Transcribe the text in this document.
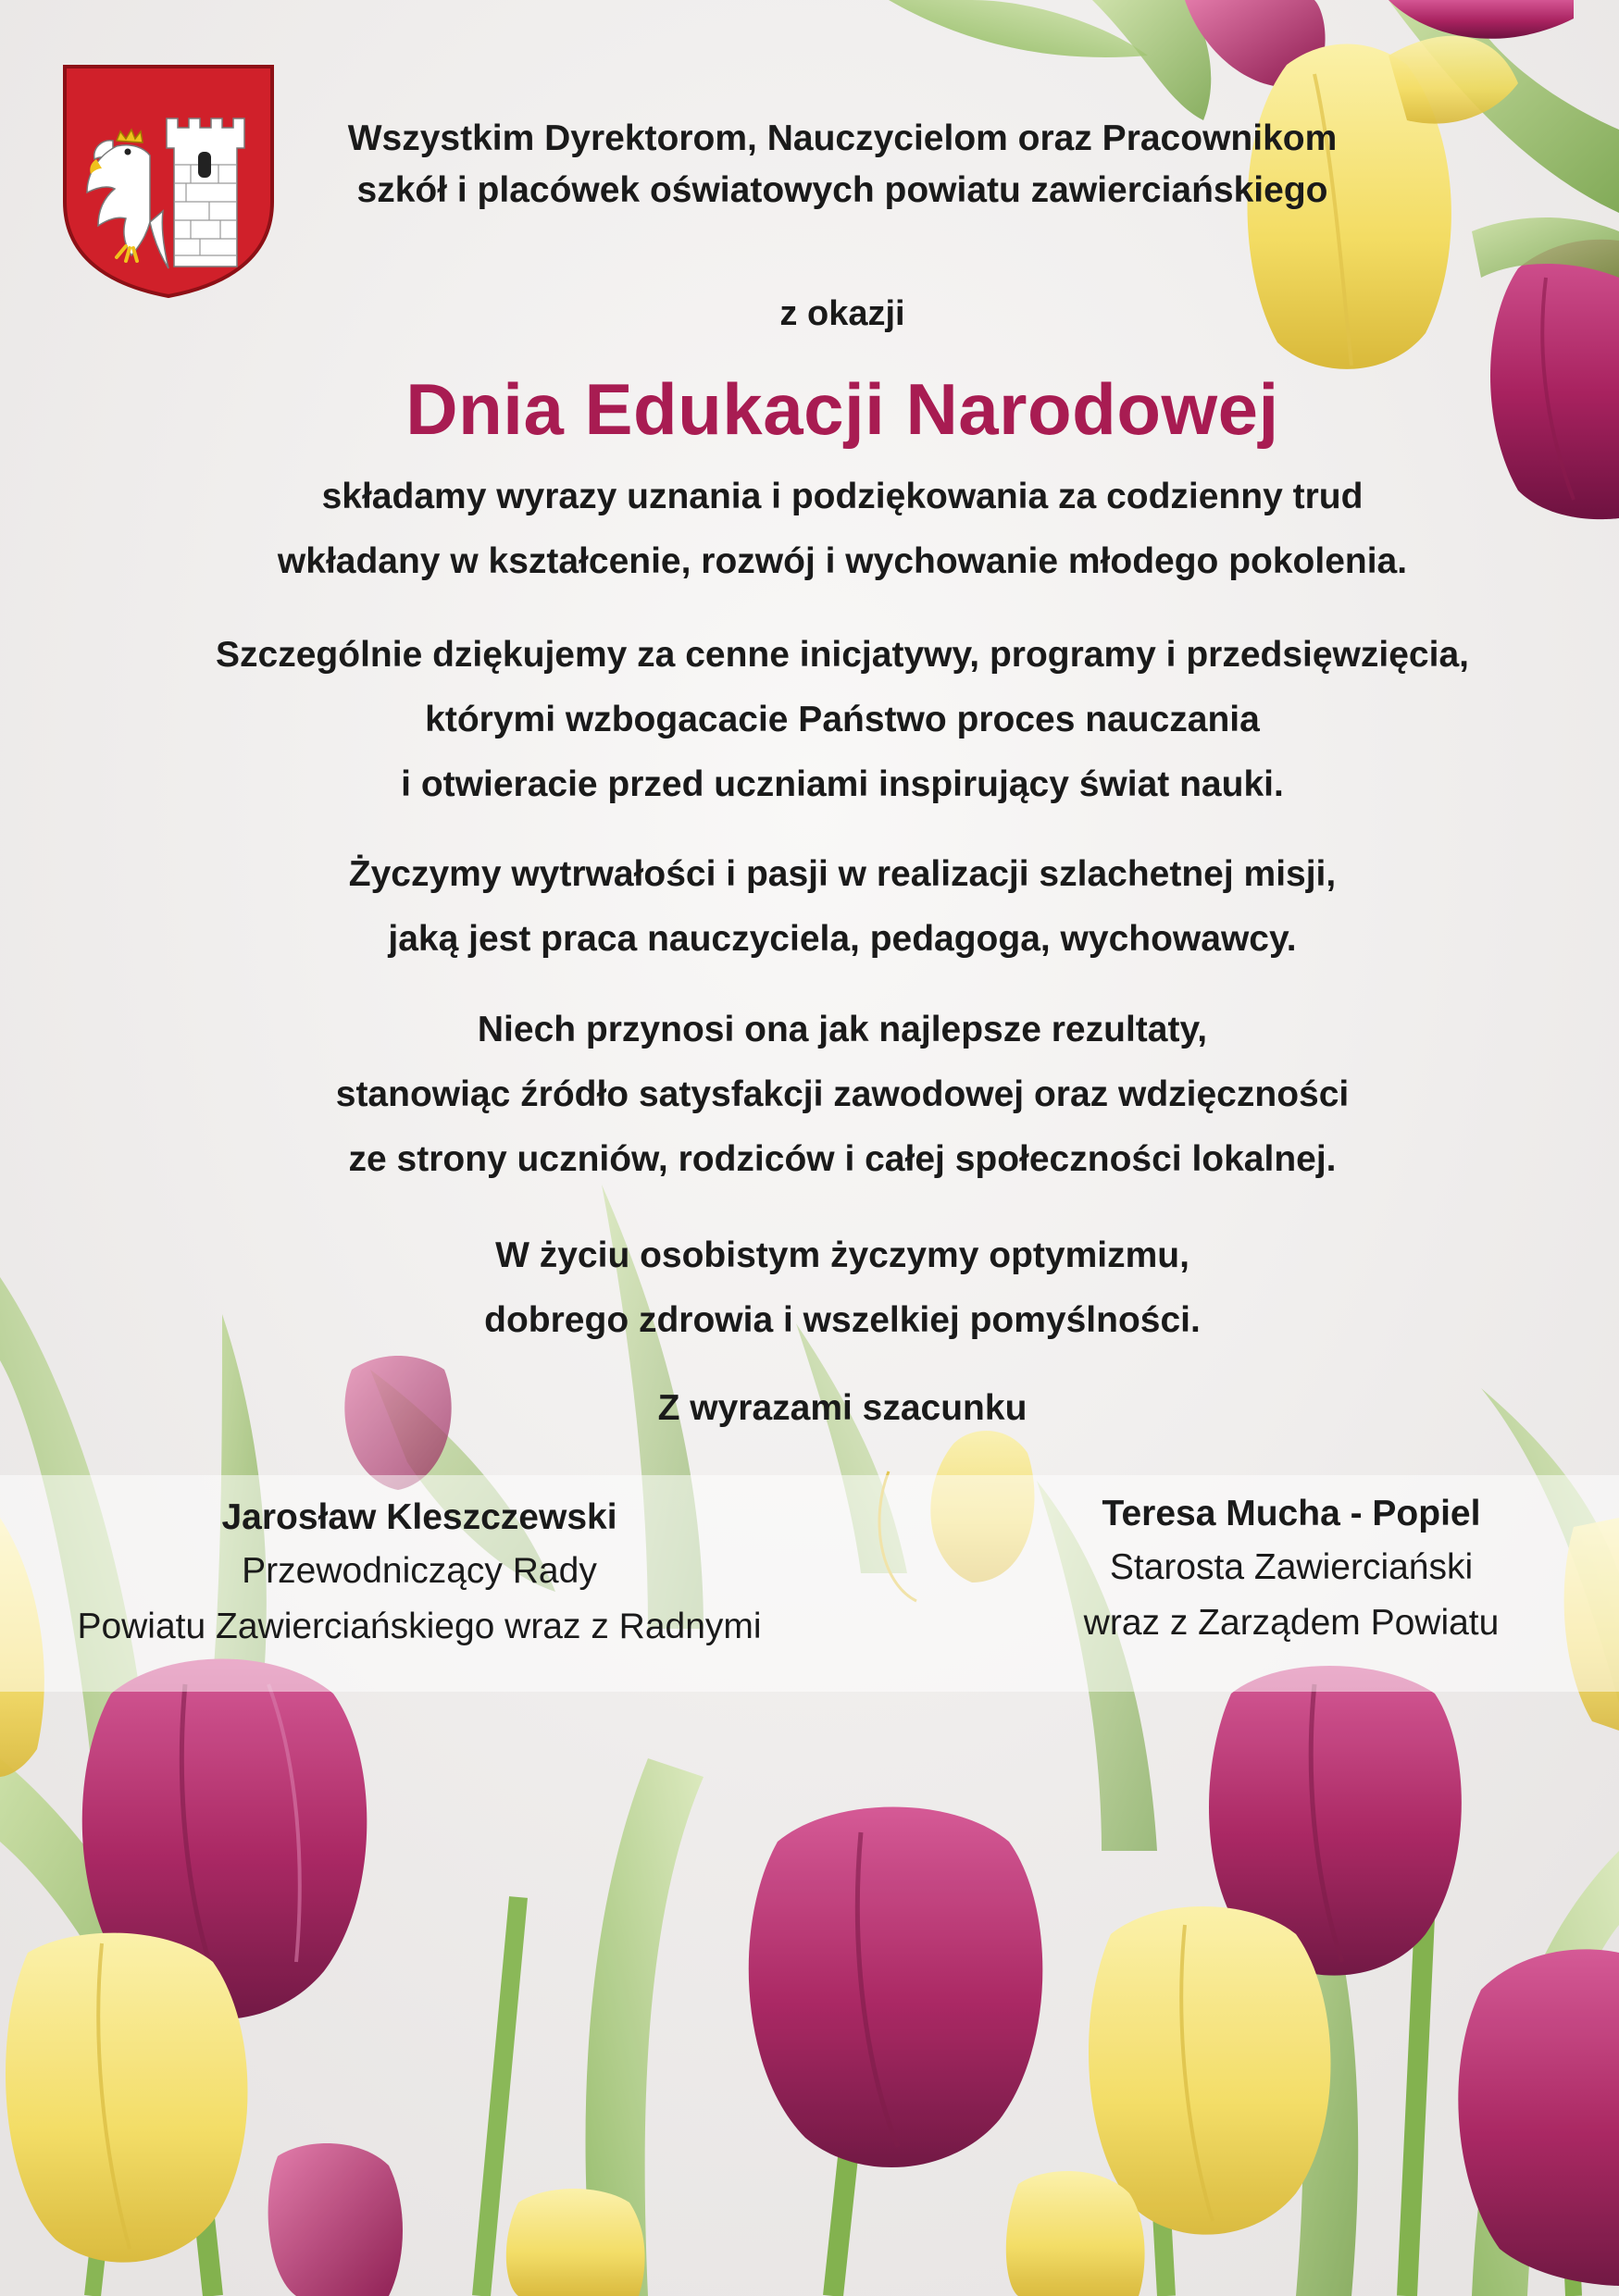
Wszystkim Dyrektorom, Nauczycielom oraz Pracownikom
szkół i placówek oświatowych powiatu zawierciańskiego
z okazji
Dnia Edukacji Narodowej
składamy wyrazy uznania i podziękowania za codzienny trud
wkładany w kształcenie, rozwój i wychowanie młodego pokolenia.
Szczególnie dziękujemy za cenne inicjatywy, programy i przedsięwzięcia,
którymi wzbogacacie Państwo proces nauczania
i otwieracie przed uczniami inspirujący świat nauki.
Życzymy wytrwałości i pasji w realizacji szlachetnej misji,
jaką jest praca nauczyciela, pedagoga, wychowawcy.
Niech przynosi ona jak najlepsze rezultaty,
stanowiąc źródło satysfakcji zawodowej oraz wdzięczności
ze strony uczniów, rodziców i całej społeczności lokalnej.
W życiu osobistym życzymy optymizmu,
dobrego zdrowia i wszelkiej pomyślności.
Z wyrazami szacunku
Jarosław Kleszczewski
Przewodniczący Rady
Powiatu Zawierciańskiego wraz z Radnymi
Teresa Mucha - Popiel
Starosta Zawierciański
wraz z Zarządem Powiatu
